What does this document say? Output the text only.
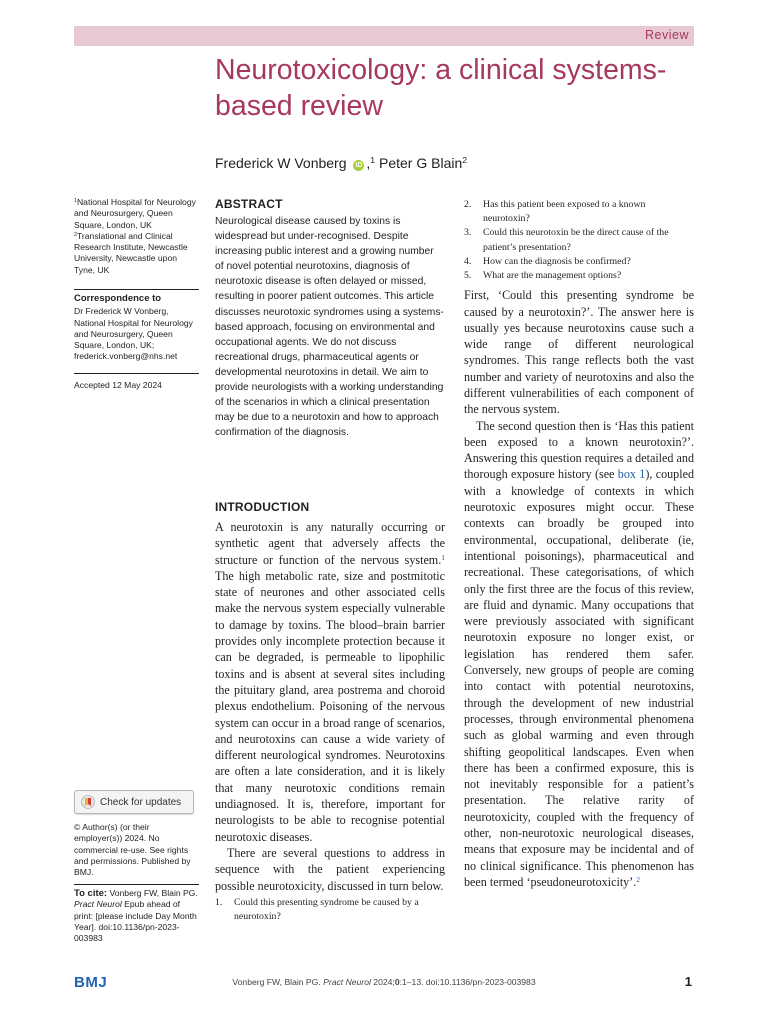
Review
Neurotoxicology: a clinical systems-based review
Frederick W Vonberg iD ,$^1$ Peter G Blain$^2$

$^1$National Hospital for Neurology and Neurosurgery, Queen Square, London, UK

$^2$Translational and Clinical Research Institute, Newcastle University, Newcastle upon Tyne, UK

Correspondence to
Dr Frederick W Vonberg, National Hospital for Neurology and Neurosurgery, Queen Square, London, UK; frederick.vonberg@nhs.net
Accepted 12 May 2024
Check for updates
© Author(s) (or their employer(s)) 2024. No commercial re-use. See rights and permissions. Published by BMJ.
To cite: Vonberg FW, Blain PG. Pract Neurol Epub ahead of print: [please include Day Month Year]. doi:10.1136/pn-2023-003983
ABSTRACT

Neurological disease caused by toxins is widespread but under-recognised. Despite increasing public interest and a growing number of novel potential neurotoxins, diagnosis of neurotoxic disease is often delayed or missed, resulting in poorer patient outcomes. This article discusses neurotoxic syndromes using a systems-based approach, focusing on environmental and occupational agents. We do not discuss recreational drugs, pharmaceutical agents or developmental neurotoxins in detail. We aim to provide neurologists with a working understanding of the scenarios in which a clinical presentation may be due to a neurotoxin and how to approach confirmation of the diagnosis.

INTRODUCTION

A neurotoxin is any naturally occurring or synthetic agent that adversely affects the structure or function of the nervous system.$^1$ The high metabolic rate, size and postmitotic state of neurones and other associated cells make the nervous system especially vulnerable to damage by toxins. The blood–brain barrier provides only incomplete protection because it can be degraded, is permeable to lipophilic toxins and is absent at several sites including the pituitary gland, area postrema and choroid plexus endothelium. Poisoning of the nervous system can occur in a broad range of scenarios, and neurotoxins can cause a wide variety of different neurological syndromes. Neurotoxins are often a late consideration, and it is likely that many neurotoxic conditions remain undiagnosed. It is, therefore, important for neurologists to be able to recognise potential neurotoxic diseases.

There are several questions to address in sequence with the patient experiencing possible neurotoxicity, discussed in turn below.

1. Could this presenting syndrome be caused by a neurotoxin?
2. Has this patient been exposed to a known neurotoxin?
3. Could this neurotoxin be the direct cause of the patient’s presentation?
4. How can the diagnosis be confirmed?
5. What are the management options?

First, ‘Could this presenting syndrome be caused by a neurotoxin?’. The answer here is usually yes because neurotoxins cause such a wide range of different neurological syndromes. This range reflects both the vast number and variety of neurotoxins and also the different vulnerabilities of each component of the nervous system.

The second question then is ‘Has this patient been exposed to a known neurotoxin?’. Answering this question requires a detailed and thorough exposure history (see box 1), coupled with a knowledge of contexts in which neurotoxic exposures might occur. These contexts can broadly be grouped into environmental, occupational, deliberate (ie, intentional poisonings), pharmaceutical and recreational. These categorisations, of which only the first three are the focus of this review, are fluid and dynamic. Many occupations that were previously associated with significant neurotoxin exposure no longer exist, or legislation has rendered them safer. Conversely, new groups of people are coming into contact with potential neurotoxins, through the development of new industrial processes, through environmental phenomena such as global warming and even through shifting geopolitical landscapes. Even when there has been a confirmed exposure, this is not inevitably responsible for a patient’s presentation. The relative rarity of neurotoxicity, coupled with the frequency of other, non-neurotoxic neurological diseases, means that exposure may be incidental and of no clinical significance. This phenomenon has been termed ‘pseudoneurotoxicity’.$^2$

BMJ	Vonberg FW, Blain PG. Pract Neurol 2024;0:1–13. doi:10.1136/pn-2023-003983	1
